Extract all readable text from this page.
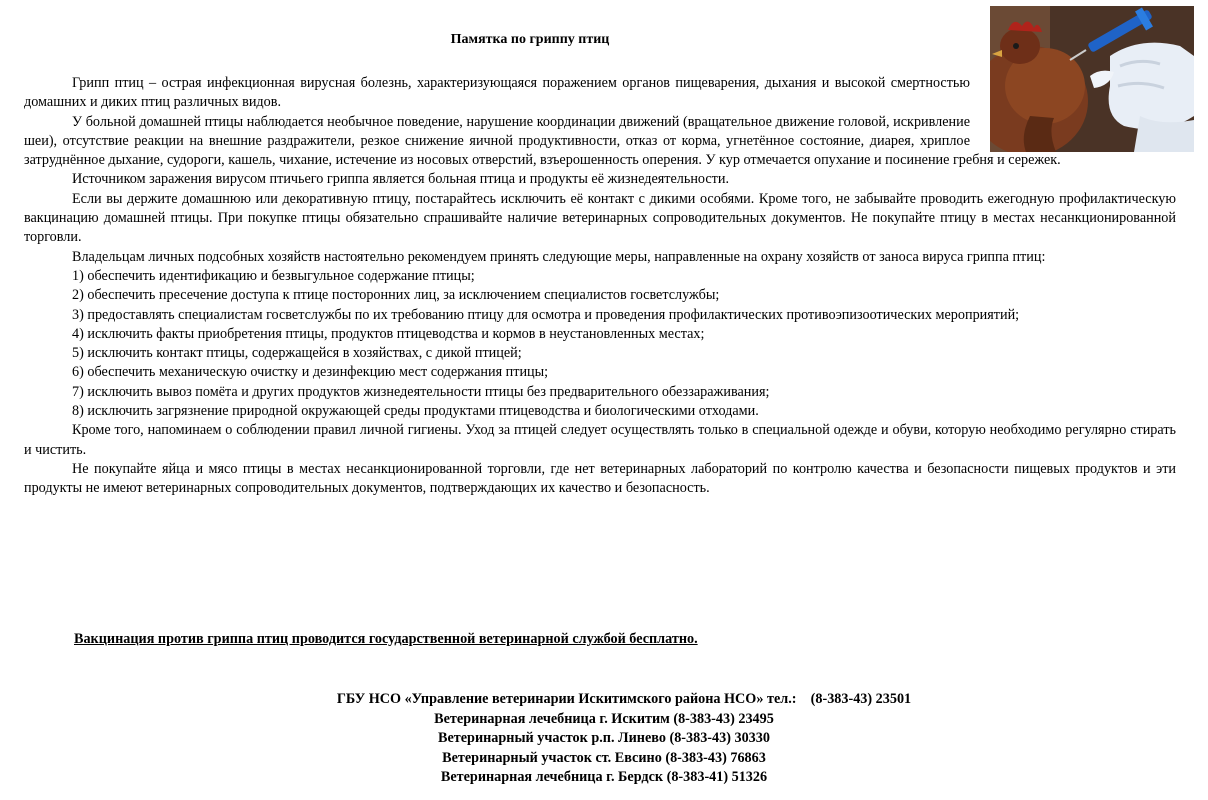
Памятка по гриппу птиц

Грипп птиц – острая инфекционная вирусная болезнь, характеризующаяся поражением органов пищеварения, дыхания и высокой смертностью домашних и диких птиц различных видов.

У больной домашней птицы наблюдается необычное поведение, нарушение координации движений (вращательное движение головой, искривление шеи), отсутствие реакции на внешние раздражители, резкое снижение яичной продуктивности, отказ от корма, угнетённое состояние, диарея, хриплое затруднённое дыхание, судороги, кашель, чихание, истечение из носовых отверстий, взъерошенность оперения. У кур отмечается опухание и посинение гребня и сережек.

Источником заражения вирусом птичьего гриппа является больная птица и продукты её жизнедеятельности.

Если вы держите домашнюю или декоративную птицу, постарайтесь исключить её контакт с дикими особями. Кроме того, не забывайте проводить ежегодную профилактическую вакцинацию домашней птицы. При покупке птицы обязательно спрашивайте наличие ветеринарных сопроводительных документов. Не покупайте птицу в местах несанкционированной торговли.

Владельцам личных подсобных хозяйств настоятельно рекомендуем принять следующие меры, направленные на охрану хозяйств от заноса вируса гриппа птиц:

1) обеспечить идентификацию и безвыгульное содержание птицы;

2) обеспечить пресечение доступа к птице посторонних лиц, за исключением специалистов госветслужбы;

3) предоставлять специалистам госветслужбы по их требованию птицу для осмотра и проведения профилактических противоэпизоотических мероприятий;

4) исключить факты приобретения птицы, продуктов птицеводства и кормов в неустановленных местах;

5) исключить контакт птицы, содержащейся в хозяйствах, с дикой птицей;

6) обеспечить механическую очистку и дезинфекцию мест содержания птицы;

7) исключить вывоз помёта и других продуктов жизнедеятельности птицы без предварительного обеззараживания;

8) исключить загрязнение природной окружающей среды продуктами птицеводства и биологическими отходами.

Кроме того, напоминаем о соблюдении правил личной гигиены. Уход за птицей следует осуществлять только в специальной одежде и обуви, которую необходимо регулярно стирать и чистить.

Не покупайте яйца и мясо птицы в местах несанкционированной торговли, где нет ветеринарных лабораторий по контролю качества и безопасности пищевых продуктов и эти продукты не имеют ветеринарных сопроводительных документов, подтверждающих их качество и безопасность.

Вакцинация против гриппа птиц проводится государственной ветеринарной службой бесплатно.
ГБУ НСО «Управление ветеринарии Искитимского района НСО» тел.:    (8-383-43) 23501
Ветеринарная лечебница г. Искитим (8-383-43) 23495
Ветеринарный участок р.п. Линево (8-383-43) 30330
Ветеринарный участок ст. Евсино (8-383-43) 76863
Ветеринарная лечебница г. Бердск (8-383-41) 51326
